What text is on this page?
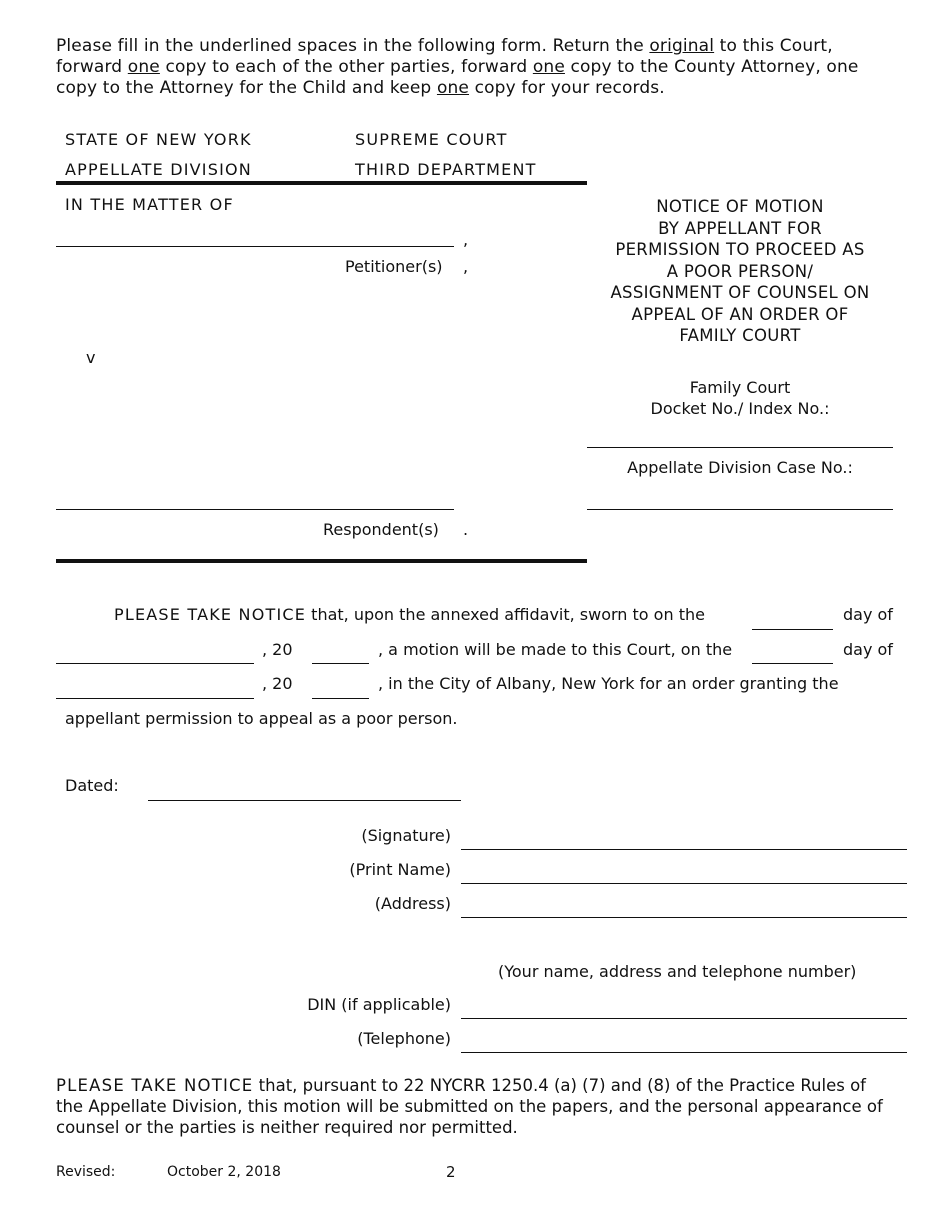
Please fill in the underlined spaces in the following form. Return the original to this Court,
forward one copy to each of the other parties, forward one copy to the County Attorney, one
copy to the Attorney for the Child and keep one copy for your records.
STATE OF NEW YORK	SUPREME COURT
APPELLATE DIVISION	THIRD DEPARTMENT
IN THE MATTER OF
,
Petitioner(s) ,
v
Respondent(s) .
NOTICE OF MOTION
BY APPELLANT FOR
PERMISSION TO PROCEED AS
A POOR PERSON/
ASSIGNMENT OF COUNSEL ON
APPEAL OF AN ORDER OF
FAMILY COURT
Family Court
Docket No./ Index No.:
Appellate Division Case No.:
PLEASE TAKE NOTICE that, upon the annexed affidavit, sworn to on the	day of
, 20	, a motion will be made to this Court, on the	day of
, 20	, in the City of Albany, New York for an order granting the
appellant permission to appeal as a poor person.
Dated:
(Signature)
(Print Name)
(Address)
(Your name, address and telephone number)
DIN (if applicable)
(Telephone)
PLEASE TAKE NOTICE that, pursuant to 22 NYCRR 1250.4 (a) (7) and (8) of the Practice Rules of
the Appellate Division, this motion will be submitted on the papers, and the personal appearance of
counsel or the parties is neither required nor permitted.
Revised:	October 2, 2018	2
